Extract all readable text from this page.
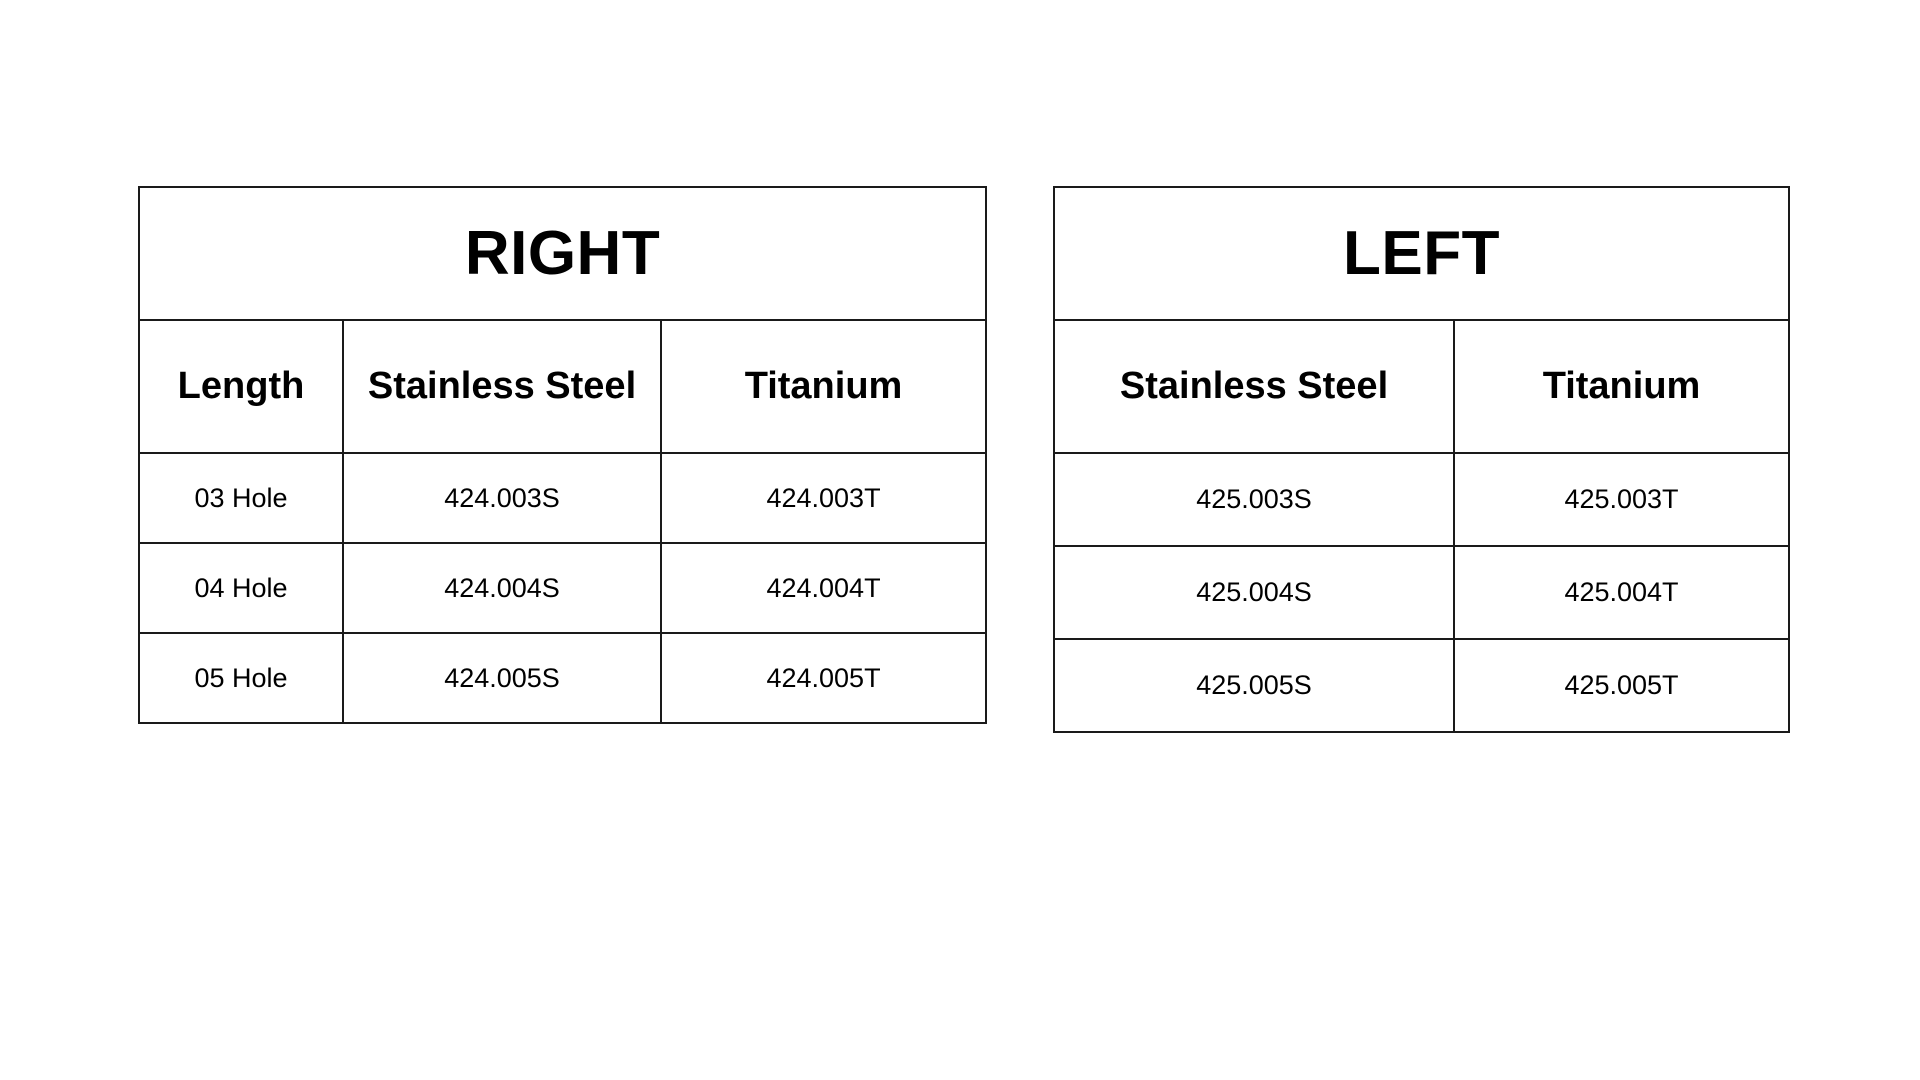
RIGHT		
Length	Stainless Steel	Titanium
03 Hole	424.003S	424.003T
04 Hole	424.004S	424.004T
05 Hole	424.005S	424.005T
LEFT	
Stainless Steel	Titanium
425.003S	425.003T
425.004S	425.004T
425.005S	425.005T
